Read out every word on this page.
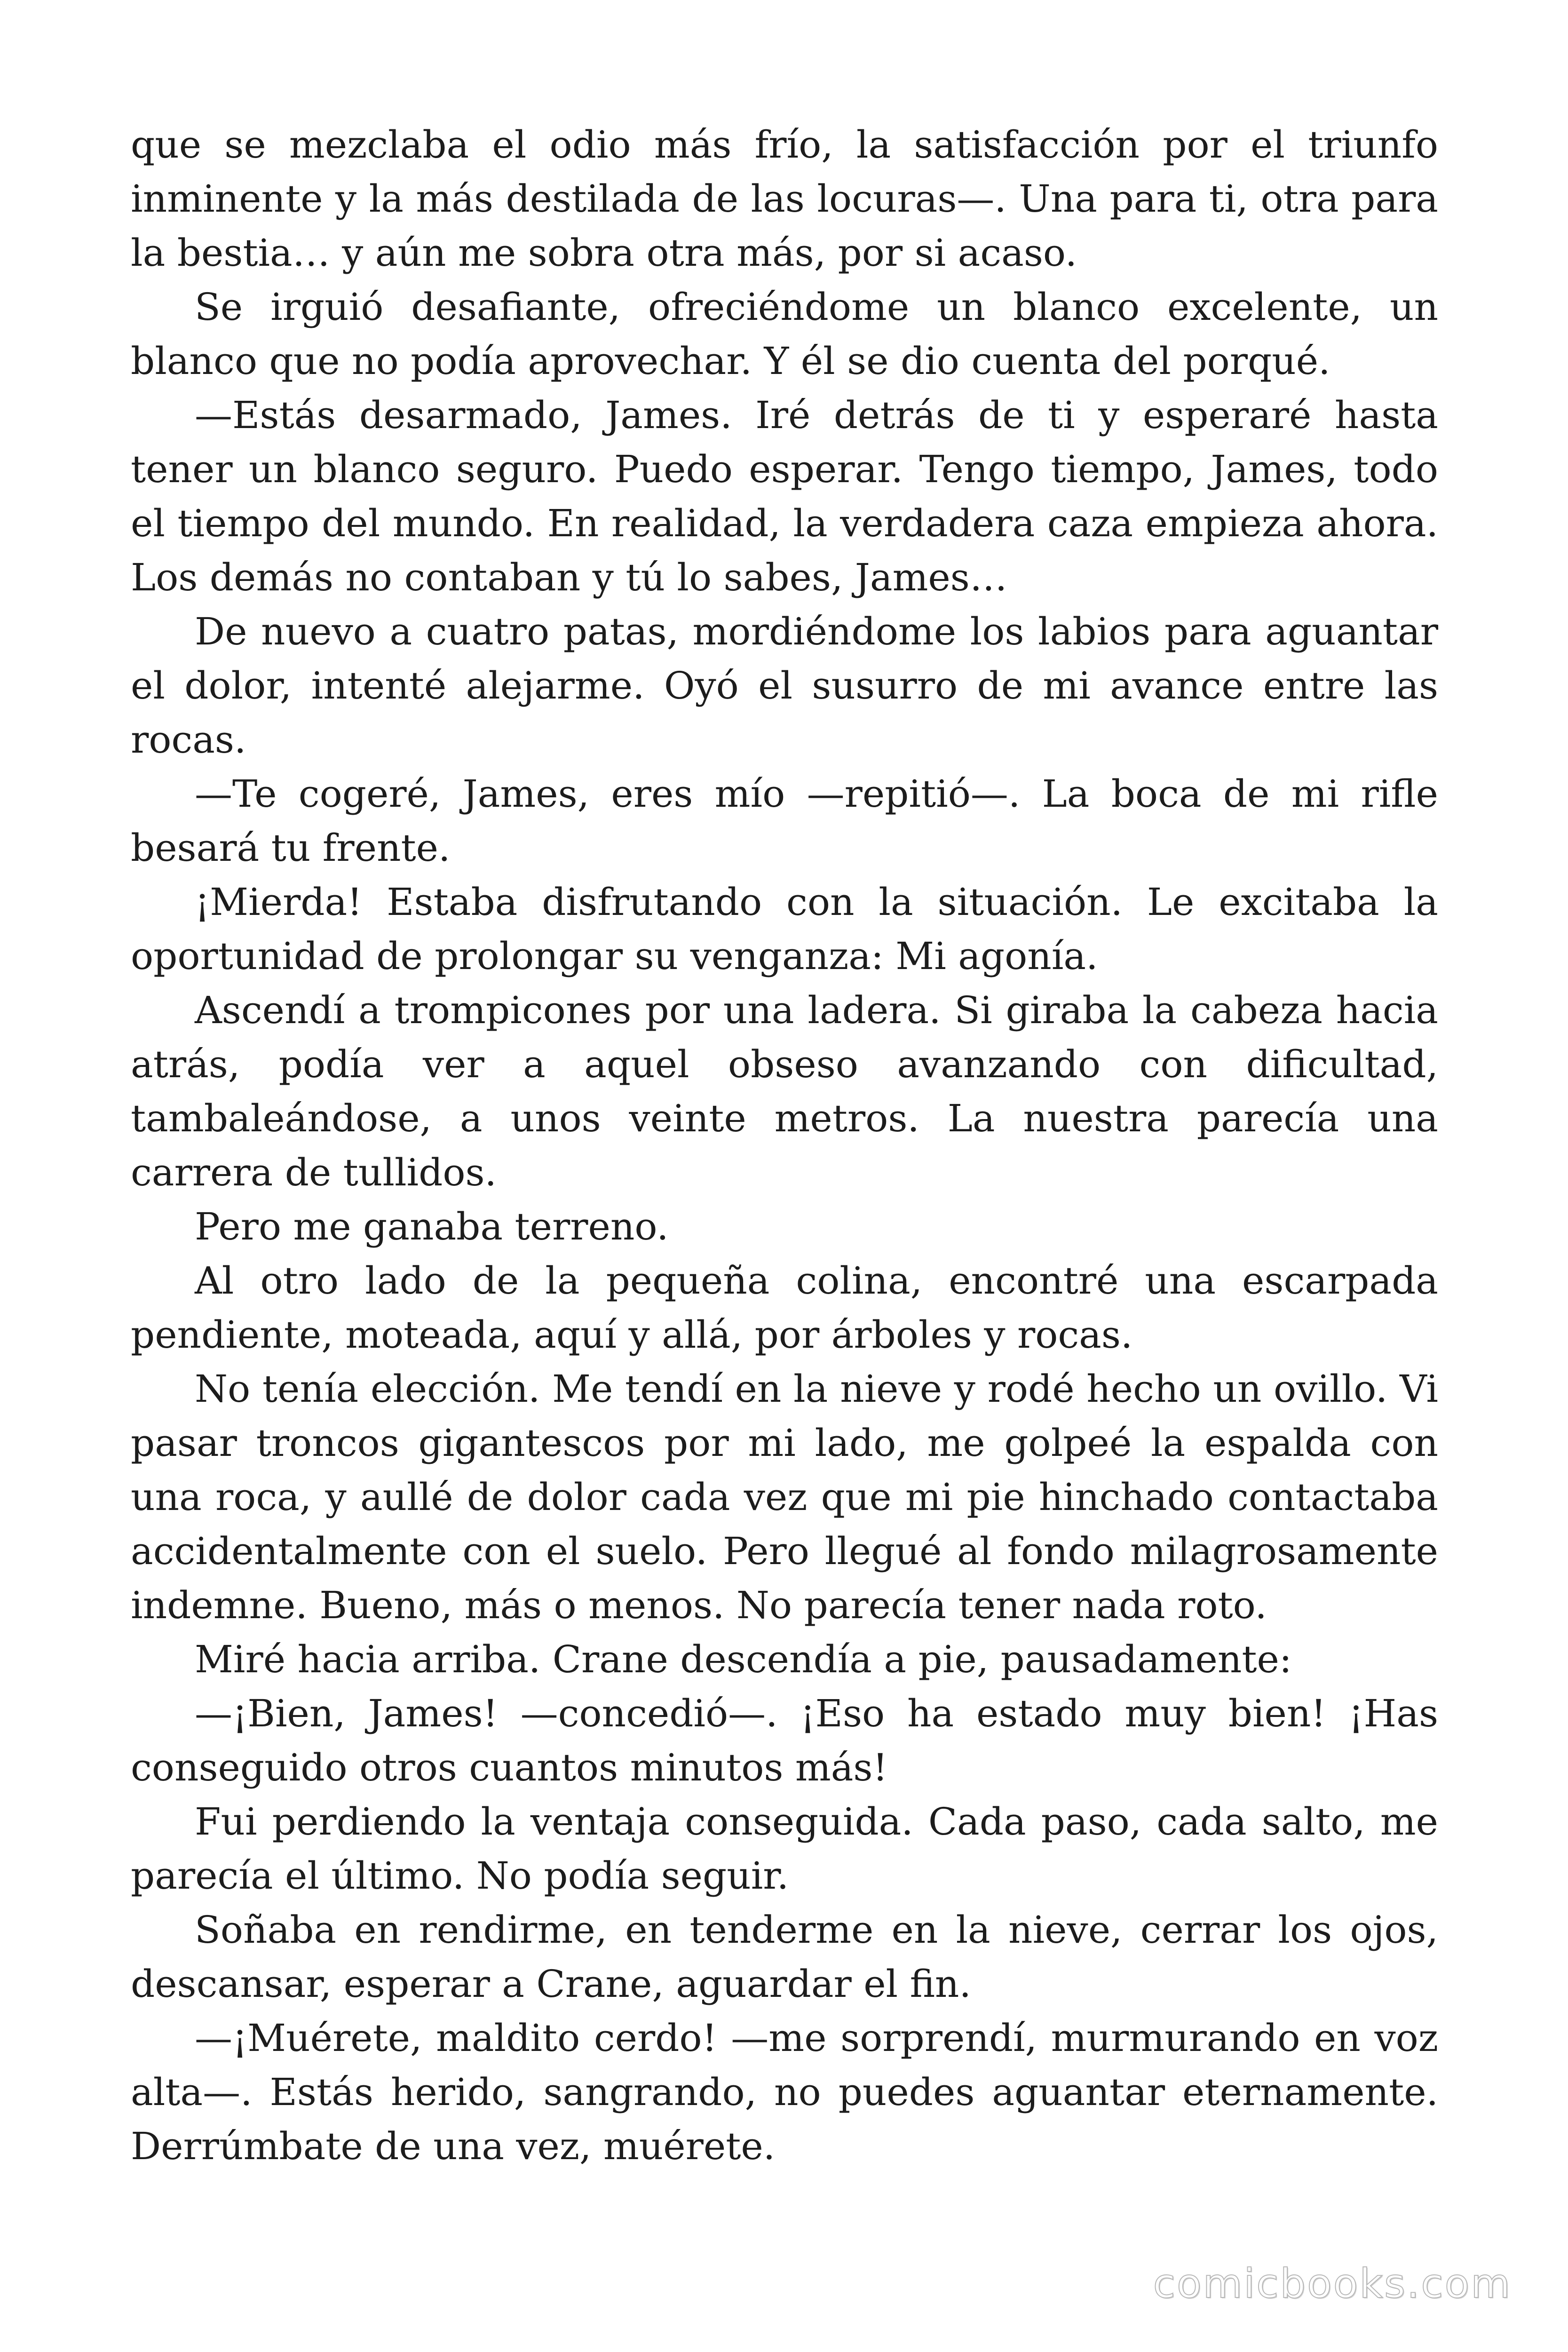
que se mezclaba el odio más frío, la satisfacción por el triunfo inminente y la más destilada de las locuras—. Una para ti, otra para la bestia… y aún me sobra otra más, por si acaso.

Se irguió desafiante, ofreciéndome un blanco excelente, un blanco que no podía aprovechar. Y él se dio cuenta del porqué.

—Estás desarmado, James. Iré detrás de ti y esperaré hasta tener un blanco seguro. Puedo esperar. Tengo tiempo, James, todo el tiempo del mundo. En realidad, la verdadera caza empieza ahora. Los demás no contaban y tú lo sabes, James…

De nuevo a cuatro patas, mordiéndome los labios para aguantar el dolor, intenté alejarme. Oyó el susurro de mi avance entre las rocas.

—Te cogeré, James, eres mío —repitió—. La boca de mi rifle besará tu frente.

¡Mierda! Estaba disfrutando con la situación. Le excitaba la oportunidad de prolongar su venganza: Mi agonía.

Ascendí a trompicones por una ladera. Si giraba la cabeza hacia atrás, podía ver a aquel obseso avanzando con dificultad, tambaleándose, a unos veinte metros. La nuestra parecía una carrera de tullidos.

Pero me ganaba terreno.

Al otro lado de la pequeña colina, encontré una escarpada pendiente, moteada, aquí y allá, por árboles y rocas.

No tenía elección. Me tendí en la nieve y rodé hecho un ovillo. Vi pasar troncos gigantescos por mi lado, me golpeé la espalda con una roca, y aullé de dolor cada vez que mi pie hinchado contactaba accidentalmente con el suelo. Pero llegué al fondo milagrosamente indemne. Bueno, más o menos. No parecía tener nada roto.

Miré hacia arriba. Crane descendía a pie, pausadamente:

—¡Bien, James! —concedió—. ¡Eso ha estado muy bien! ¡Has conseguido otros cuantos minutos más!

Fui perdiendo la ventaja conseguida. Cada paso, cada salto, me parecía el último. No podía seguir.

Soñaba en rendirme, en tenderme en la nieve, cerrar los ojos, descansar, esperar a Crane, aguardar el fin.

—¡Muérete, maldito cerdo! —me sorprendí, murmurando en voz alta—. Estás herido, sangrando, no puedes aguantar eternamente. Derrúmbate de una vez, muérete.

comicbooks.com
